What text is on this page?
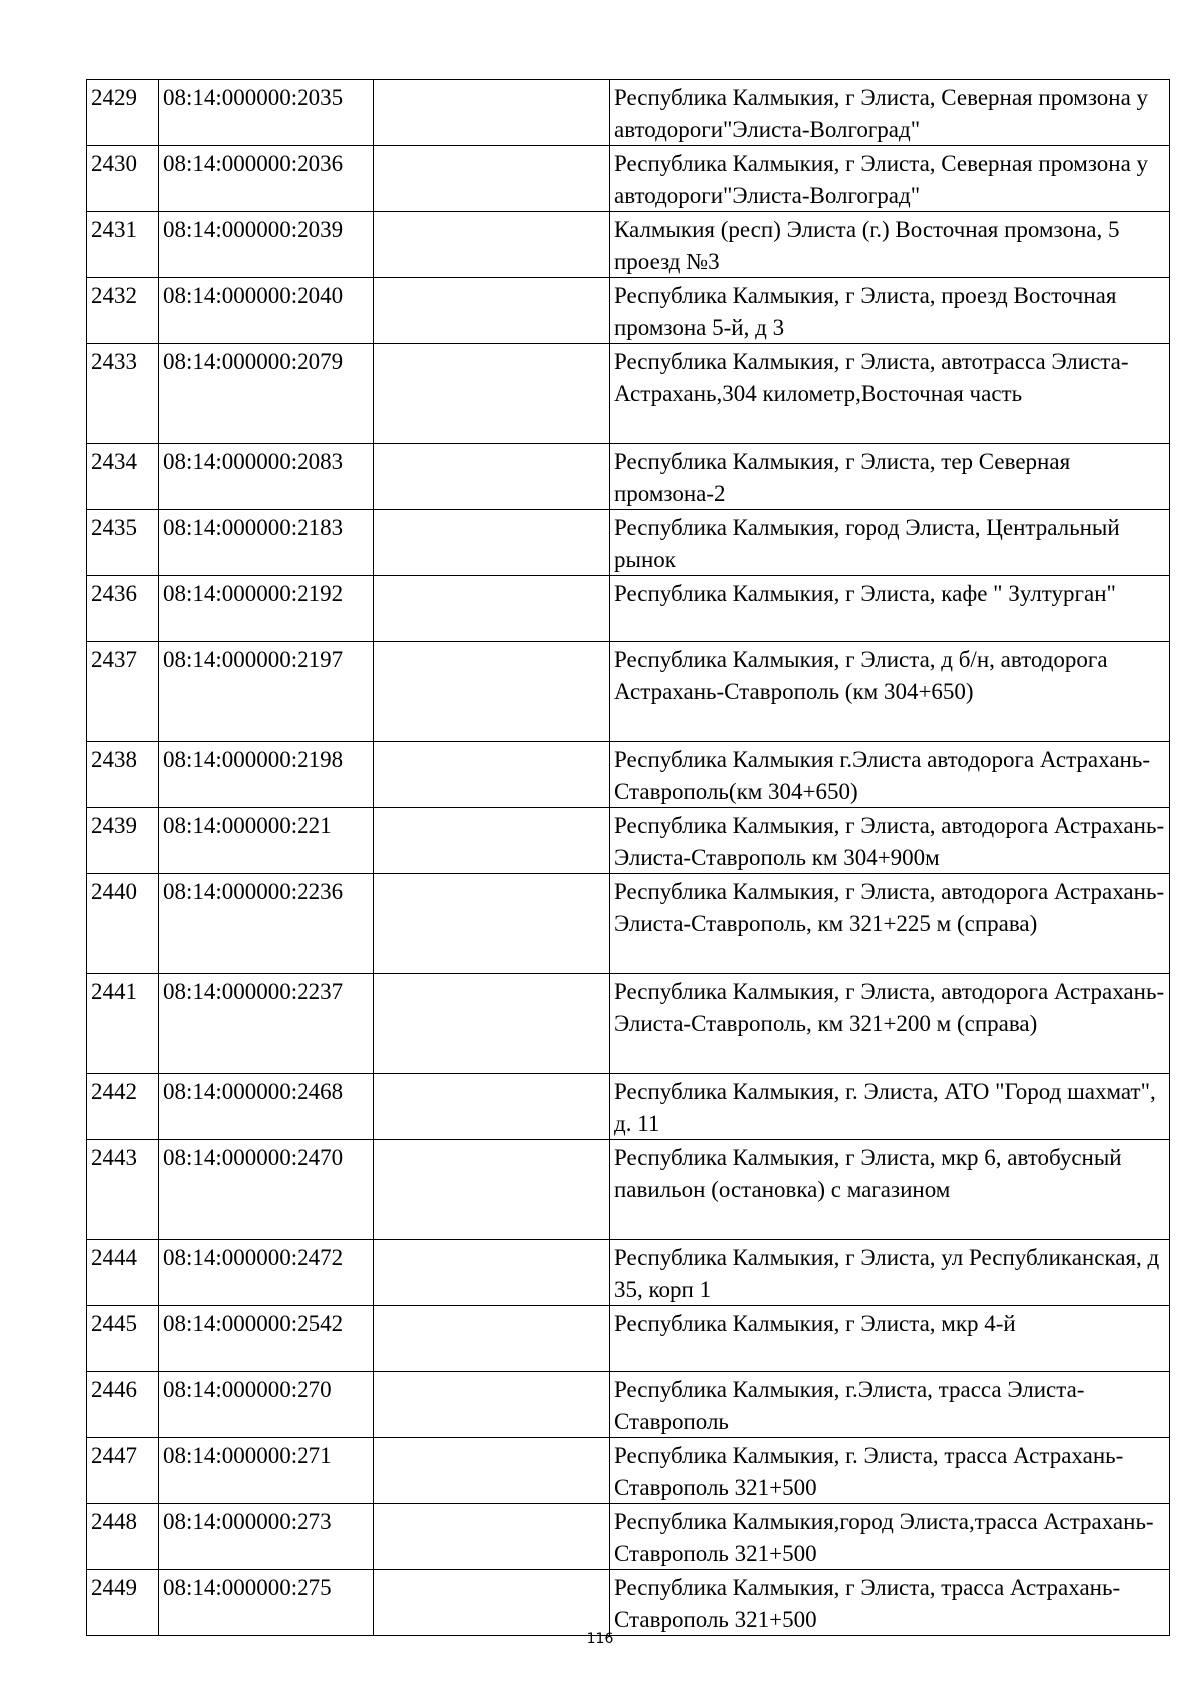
2429	08:14:000000:2035		Республика Калмыкия, г Элиста, Северная промзона у автодороги"Элиста-Волгоград"
2430	08:14:000000:2036		Республика Калмыкия, г Элиста, Северная промзона у автодороги"Элиста-Волгоград"
2431	08:14:000000:2039		Калмыкия (респ) Элиста (г.) Восточная промзона, 5 проезд №3
2432	08:14:000000:2040		Республика Калмыкия, г Элиста, проезд Восточная промзона 5-й, д 3
2433	08:14:000000:2079		Республика Калмыкия, г Элиста, автотрасса Элиста-Астрахань,304 километр,Восточная часть
2434	08:14:000000:2083		Республика Калмыкия, г Элиста, тер Северная промзона-2
2435	08:14:000000:2183		Республика Калмыкия, город Элиста, Центральный рынок
2436	08:14:000000:2192		Республика Калмыкия, г Элиста, кафе " Зултурган"
2437	08:14:000000:2197		Республика Калмыкия, г Элиста, д б/н, автодорога Астрахань-Ставрополь (км 304+650)
2438	08:14:000000:2198		Республика Калмыкия г.Элиста автодорога Астрахань-Ставрополь(км 304+650)
2439	08:14:000000:221		Республика Калмыкия, г Элиста, автодорога Астрахань-Элиста-Ставрополь км 304+900м
2440	08:14:000000:2236		Республика Калмыкия, г Элиста, автодорога Астрахань-Элиста-Ставрополь, км 321+225 м (справа)
2441	08:14:000000:2237		Республика Калмыкия, г Элиста, автодорога Астрахань-Элиста-Ставрополь, км 321+200 м (справа)
2442	08:14:000000:2468		Республика Калмыкия, г. Элиста, АТО "Город шахмат", д. 11
2443	08:14:000000:2470		Республика Калмыкия, г Элиста, мкр 6, автобусный павильон (остановка) с магазином
2444	08:14:000000:2472		Республика Калмыкия, г Элиста, ул Республиканская, д 35, корп 1
2445	08:14:000000:2542		Республика Калмыкия, г Элиста, мкр 4-й
2446	08:14:000000:270		Республика Калмыкия, г.Элиста, трасса Элиста-Ставрополь
2447	08:14:000000:271		Республика Калмыкия, г. Элиста, трасса Астрахань-Ставрополь 321+500
2448	08:14:000000:273		Республика Калмыкия,город Элиста,трасса Астрахань-Ставрополь 321+500
2449	08:14:000000:275		Республика Калмыкия, г Элиста, трасса Астрахань-Ставрополь 321+500
116
